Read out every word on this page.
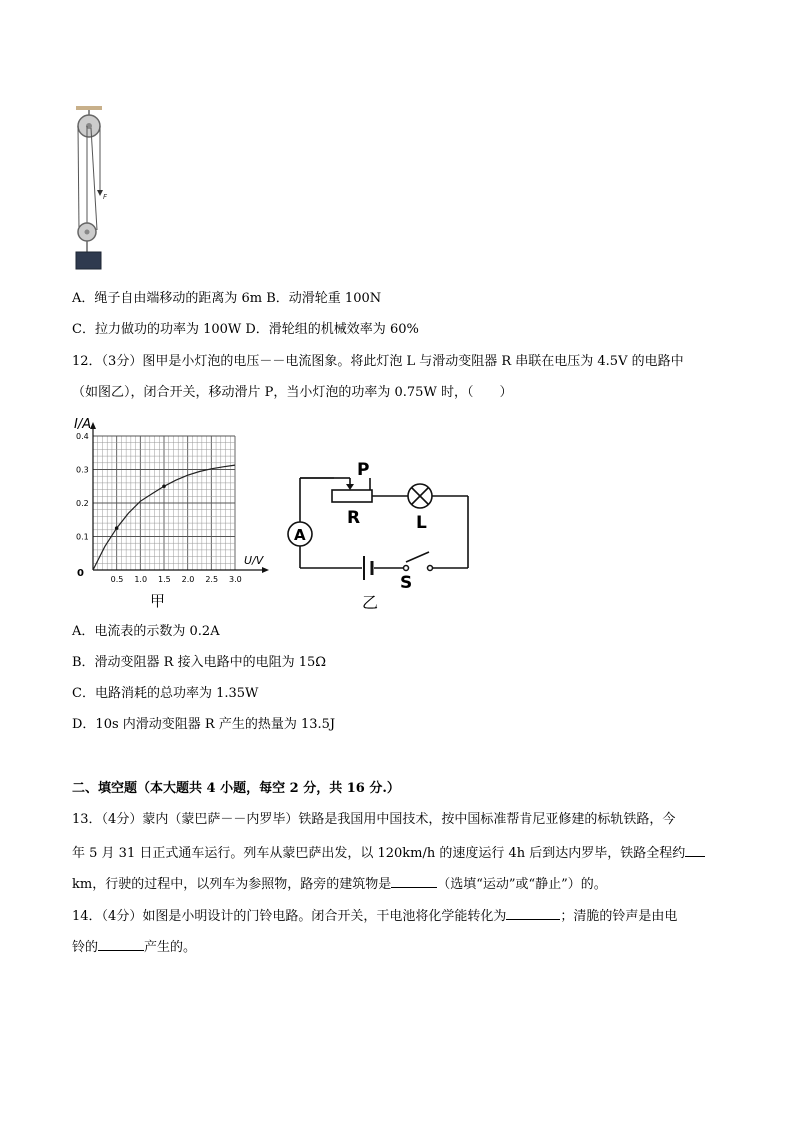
F
A．绳子自由端移动的距离为 6m B．动滑轮重 100N
C．拉力做功的功率为 100W D．滑轮组的机械效率为 60%
12．（3分）图甲是小灯泡的电压－－电流图象。将此灯泡 L 与滑动变阻器 R 串联在电压为 4.5V 的电路中
（如图乙），闭合开关，移动滑片 P，当小灯泡的功率为 0.75W 时，（　　）
0.5 1.0 1.5 2.0 2.5 3.0
0.1
0.2
0.3
0.4
I/A
U/V
0
甲
A
P
R	L
S
乙
A．电流表的示数为 0.2A
B．滑动变阻器 R 接入电路中的电阻为 15Ω
C．电路消耗的总功率为 1.35W
D．10s 内滑动变阻器 R 产生的热量为 13.5J
二、填空题（本大题共 4 小题，每空 2 分，共 16 分.）
13．（4分）蒙内（蒙巴萨－－内罗毕）铁路是我国用中国技术，按中国标准帮肯尼亚修建的标轨铁路，今
年 5 月 31 日正式通车运行。列车从蒙巴萨出发，以 120km/h 的速度运行 4h 后到达内罗毕，铁路全程约
km，行驶的过程中，以列车为参照物，路旁的建筑物是	（选填“运动”或“静止”）的。
14．（4分）如图是小明设计的门铃电路。闭合开关，干电池将化学能转化为	；清脆的铃声是由电
铃的	产生的。
